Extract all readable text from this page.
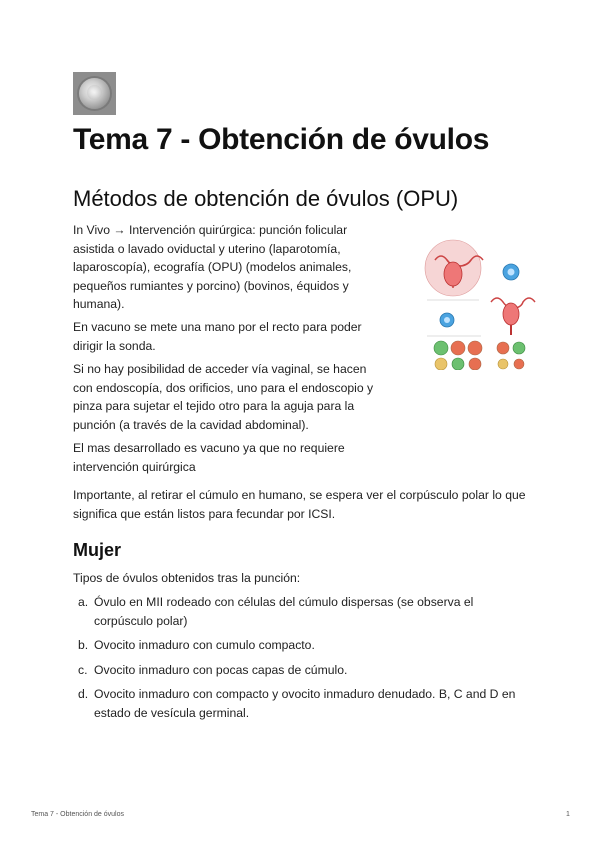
Tema 7 - Obtención de óvulos
Métodos de obtención de óvulos (OPU)

In Vivo → Intervención quirúrgica: punción folicular asistida o lavado oviductal y uterino (laparotomía, laparoscopía), ecografía (OPU) (modelos animales, pequeños rumiantes y porcino) (bovinos, équidos y humana).

En vacuno se mete una mano por el recto para poder dirigir la sonda.

Si no hay posibilidad de acceder vía vaginal, se hacen con endoscopía, dos orificios, uno para el endoscopio y pinza para sujetar el tejido otro para la aguja para la punción (a través de la cavidad abdominal).

El mas desarrollado es vacuno ya que no requiere intervención quirúrgica

Importante, al retirar el cúmulo en humano, se espera ver el corpúsculo polar lo que significa que están listos para fecundar por ICSI.

Mujer

Tipos de óvulos obtenidos tras la punción:

a. Óvulo en MII rodeado con células del cúmulo dispersas (se observa el corpúsculo polar)
b. Ovocito inmaduro con cumulo compacto.
c. Ovocito inmaduro con pocas capas de cúmulo.
d. Ovocito inmaduro con compacto y ovocito inmaduro denudado. B, C and D en estado de vesícula germinal.
Tema 7 - Obtención de óvulos	1
